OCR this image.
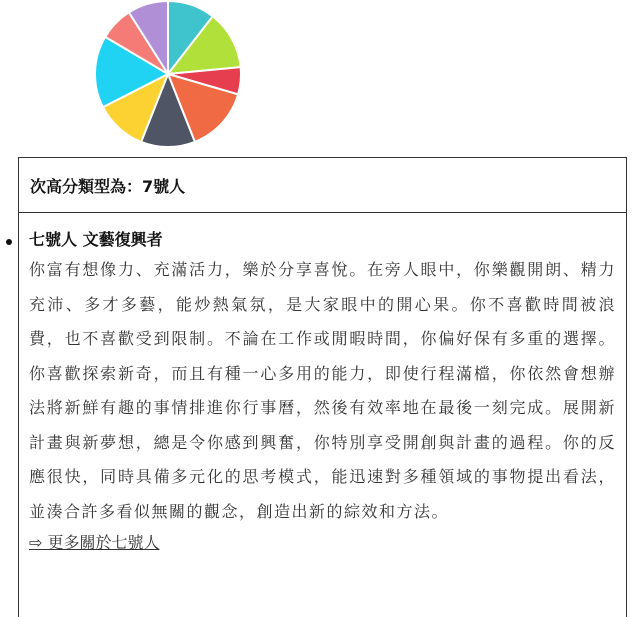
次高分類型為：7號人
七號人 文藝復興者

你富有想像力、充滿活力，樂於分享喜悅。在旁人眼中，你樂觀開朗、精力充沛、多才多藝，能炒熱氣氛，是大家眼中的開心果。你不喜歡時間被浪費，也不喜歡受到限制。不論在工作或閒暇時間，你偏好保有多重的選擇。你喜歡探索新奇，而且有種一心多用的能力，即使行程滿檔，你依然會想辦法將新鮮有趣的事情排進你行事曆，然後有效率地在最後一刻完成。展開新計畫與新夢想，總是令你感到興奮，你特別享受開創與計畫的過程。你的反應很快，同時具備多元化的思考模式，能迅速對多種領域的事物提出看法，並湊合許多看似無關的觀念，創造出新的綜效和方法。

⇨ 更多關於七號人
